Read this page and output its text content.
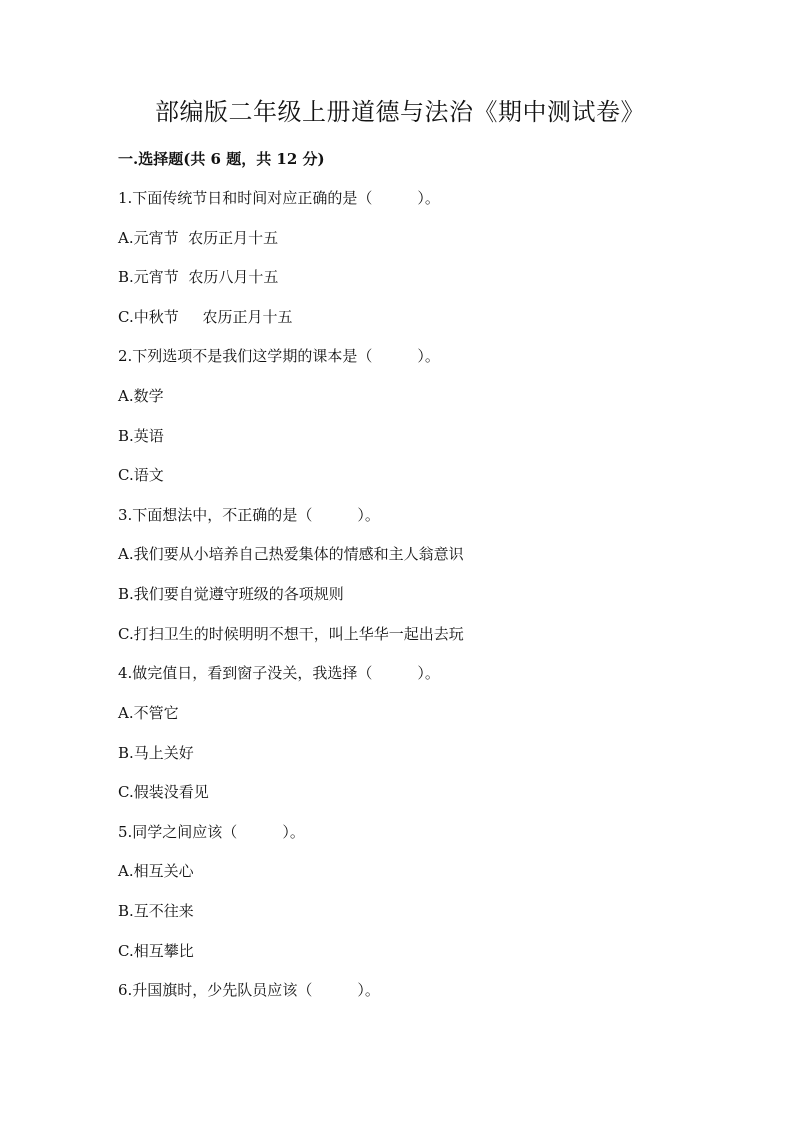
部编版二年级上册道德与法治《期中测试卷》
一.选择题(共 6 题，共 12 分)
1.下面传统节日和时间对应正确的是（　　　）。
A.元宵节  农历正月十五
B.元宵节  农历八月十五
C.中秋节     农历正月十五
2.下列选项不是我们这学期的课本是（　　　）。
A.数学
B.英语
C.语文
3.下面想法中，不正确的是（　　　）。
A.我们要从小培养自己热爱集体的情感和主人翁意识
B.我们要自觉遵守班级的各项规则
C.打扫卫生的时候明明不想干，叫上华华一起出去玩
4.做完值日，看到窗子没关，我选择（　　　）。
A.不管它
B.马上关好
C.假装没看见
5.同学之间应该（　　　）。
A.相互关心
B.互不往来
C.相互攀比
6.升国旗时，少先队员应该（　　　）。
